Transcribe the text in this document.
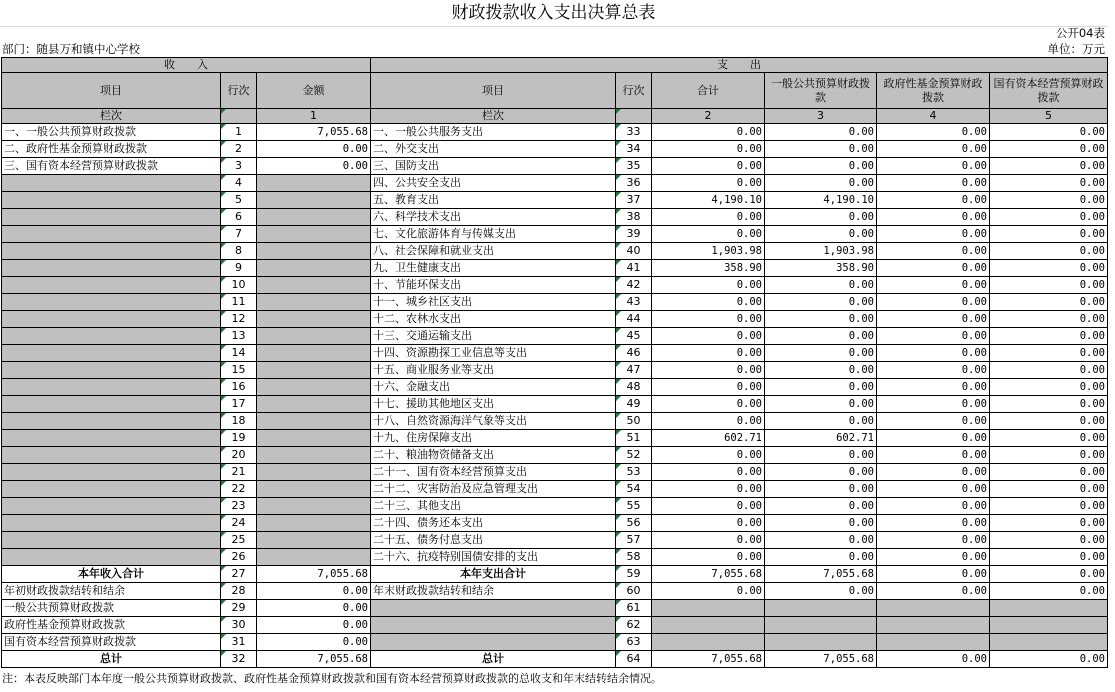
财政拨款收入支出决算总表
公开04表
部门：随县万和镇中心学校	单位：万元
收　　入			支　　出					
项目	行次	金额	项目	行次	合计	一般公共预算财政拨款	政府性基金预算财政拨款	国有资本经营预算财政拨款
栏次		1	栏次		2	3	4	5
一、一般公共预算财政拨款	1	7,055.68	一、一般公共服务支出	33	0.00	0.00	0.00	0.00
二、政府性基金预算财政拨款	2	0.00	二、外交支出	34	0.00	0.00	0.00	0.00
三、国有资本经营预算财政拨款	3	0.00	三、国防支出	35	0.00	0.00	0.00	0.00
	4		四、公共安全支出	36	0.00	0.00	0.00	0.00
	5		五、教育支出	37	4,190.10	4,190.10	0.00	0.00
	6		六、科学技术支出	38	0.00	0.00	0.00	0.00
	7		七、文化旅游体育与传媒支出	39	0.00	0.00	0.00	0.00
	8		八、社会保障和就业支出	40	1,903.98	1,903.98	0.00	0.00
	9		九、卫生健康支出	41	358.90	358.90	0.00	0.00
	10		十、节能环保支出	42	0.00	0.00	0.00	0.00
	11		十一、城乡社区支出	43	0.00	0.00	0.00	0.00
	12		十二、农林水支出	44	0.00	0.00	0.00	0.00
	13		十三、交通运输支出	45	0.00	0.00	0.00	0.00
	14		十四、资源勘探工业信息等支出	46	0.00	0.00	0.00	0.00
	15		十五、商业服务业等支出	47	0.00	0.00	0.00	0.00
	16		十六、金融支出	48	0.00	0.00	0.00	0.00
	17		十七、援助其他地区支出	49	0.00	0.00	0.00	0.00
	18		十八、自然资源海洋气象等支出	50	0.00	0.00	0.00	0.00
	19		十九、住房保障支出	51	602.71	602.71	0.00	0.00
	20		二十、粮油物资储备支出	52	0.00	0.00	0.00	0.00
	21		二十一、国有资本经营预算支出	53	0.00	0.00	0.00	0.00
	22		二十二、灾害防治及应急管理支出	54	0.00	0.00	0.00	0.00
	23		二十三、其他支出	55	0.00	0.00	0.00	0.00
	24		二十四、债务还本支出	56	0.00	0.00	0.00	0.00
	25		二十五、债务付息支出	57	0.00	0.00	0.00	0.00
	26		二十六、抗疫特别国债安排的支出	58	0.00	0.00	0.00	0.00
本年收入合计	27	7,055.68	本年支出合计	59	7,055.68	7,055.68	0.00	0.00
年初财政拨款结转和结余	28	0.00	年末财政拨款结转和结余	60	0.00	0.00	0.00	0.00
一般公共预算财政拨款	29	0.00		61				
政府性基金预算财政拨款	30	0.00		62				
国有资本经营预算财政拨款	31	0.00		63				
总计	32	7,055.68	总计	64	7,055.68	7,055.68	0.00	0.00
注：本表反映部门本年度一般公共预算财政拨款、政府性基金预算财政拨款和国有资本经营预算财政拨款的总收支和年末结转结余情况。
